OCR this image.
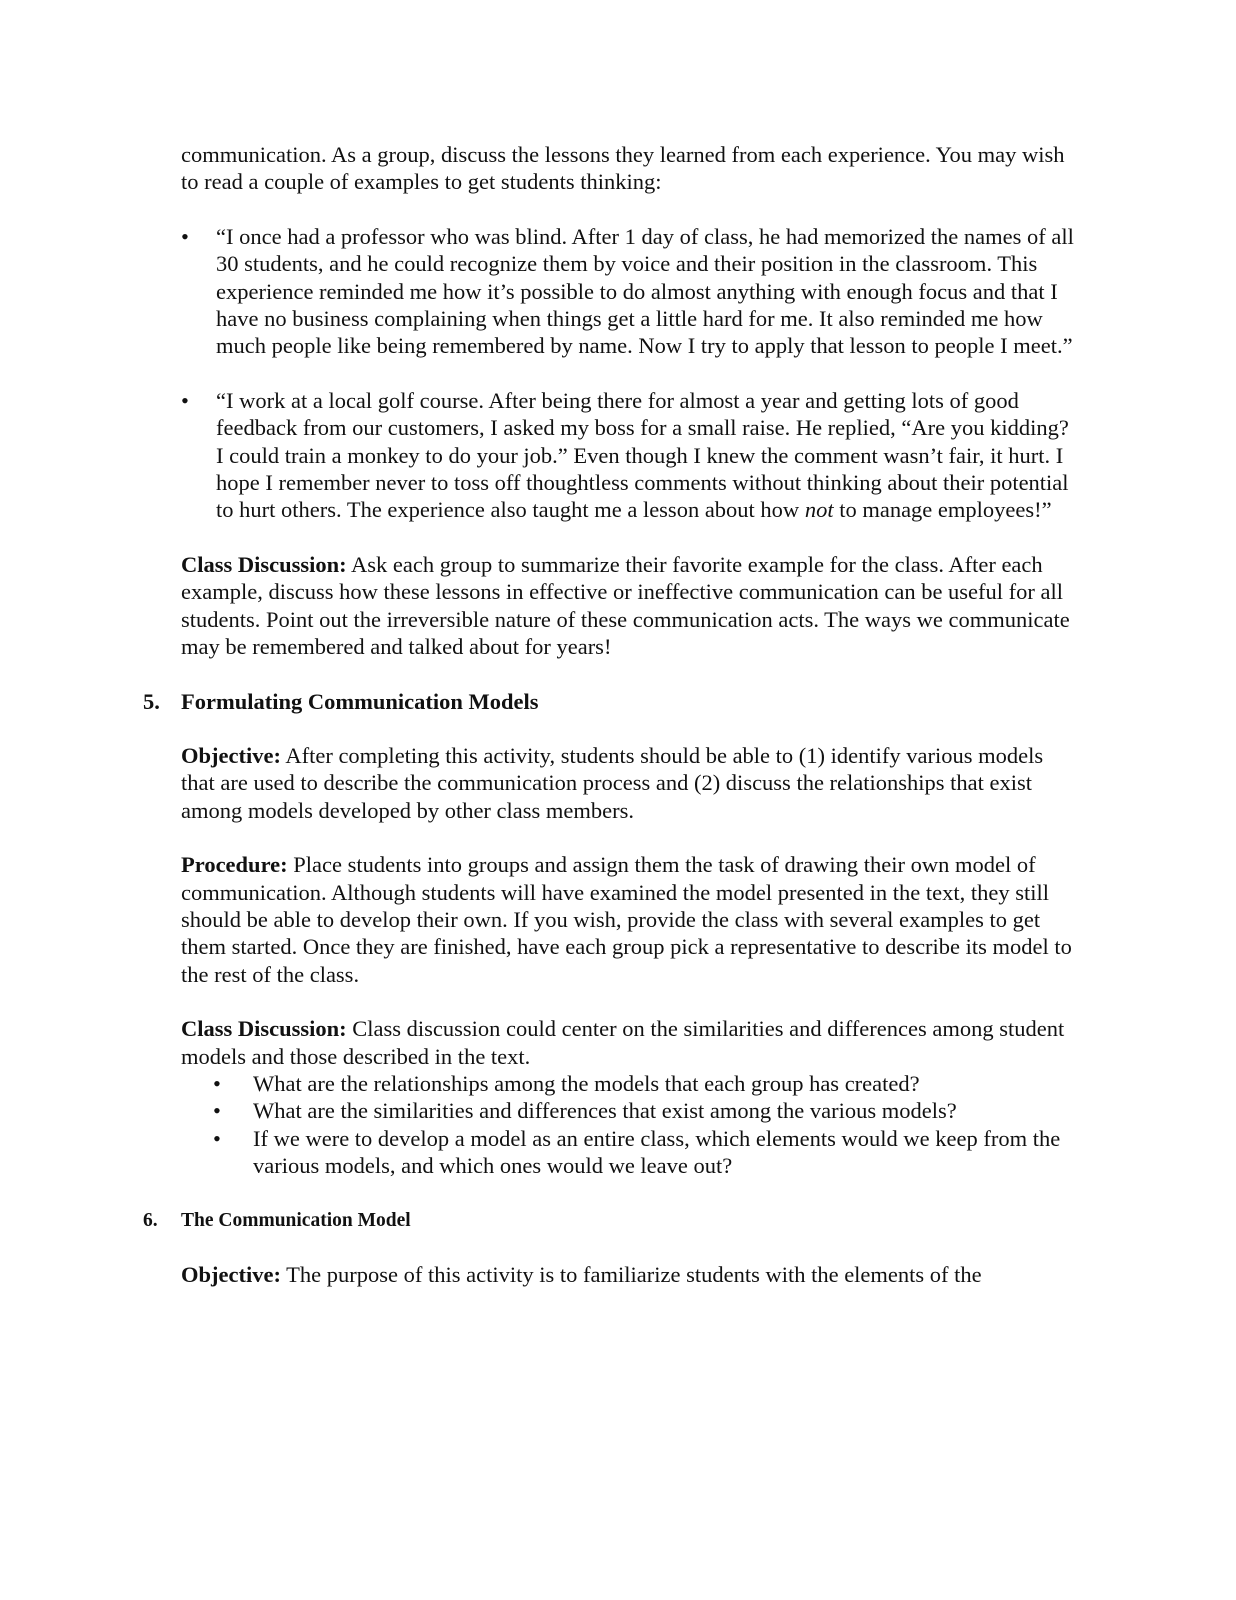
communication. As a group, discuss the lessons they learned from each experience. You may wish to read a couple of examples to get students thinking:

• “I once had a professor who was blind. After 1 day of class, he had memorized the names of all 30 students, and he could recognize them by voice and their position in the classroom. This experience reminded me how it’s possible to do almost anything with enough focus and that I have no business complaining when things get a little hard for me. It also reminded me how much people like being remembered by name. Now I try to apply that lesson to people I meet.”
• “I work at a local golf course. After being there for almost a year and getting lots of good feedback from our customers, I asked my boss for a small raise. He replied, “Are you kidding? I could train a monkey to do your job.” Even though I knew the comment wasn’t fair, it hurt. I hope I remember never to toss off thoughtless comments without thinking about their potential to hurt others. The experience also taught me a lesson about how not to manage employees!”

Class Discussion: Ask each group to summarize their favorite example for the class. After each example, discuss how these lessons in effective or ineffective communication can be useful for all students. Point out the irreversible nature of these communication acts. The ways we communicate may be remembered and talked about for years!

5. Formulating Communication Models

Objective: After completing this activity, students should be able to (1) identify various models that are used to describe the communication process and (2) discuss the relationships that exist among models developed by other class members.

Procedure: Place students into groups and assign them the task of drawing their own model of communication. Although students will have examined the model presented in the text, they still should be able to develop their own. If you wish, provide the class with several examples to get them started. Once they are finished, have each group pick a representative to describe its model to the rest of the class.

Class Discussion: Class discussion could center on the similarities and differences among student models and those described in the text.

• What are the relationships among the models that each group has created?
• What are the similarities and differences that exist among the various models?
• If we were to develop a model as an entire class, which elements would we keep from the various models, and which ones would we leave out?
6. The Communication Model

Objective: The purpose of this activity is to familiarize students with the elements of the
